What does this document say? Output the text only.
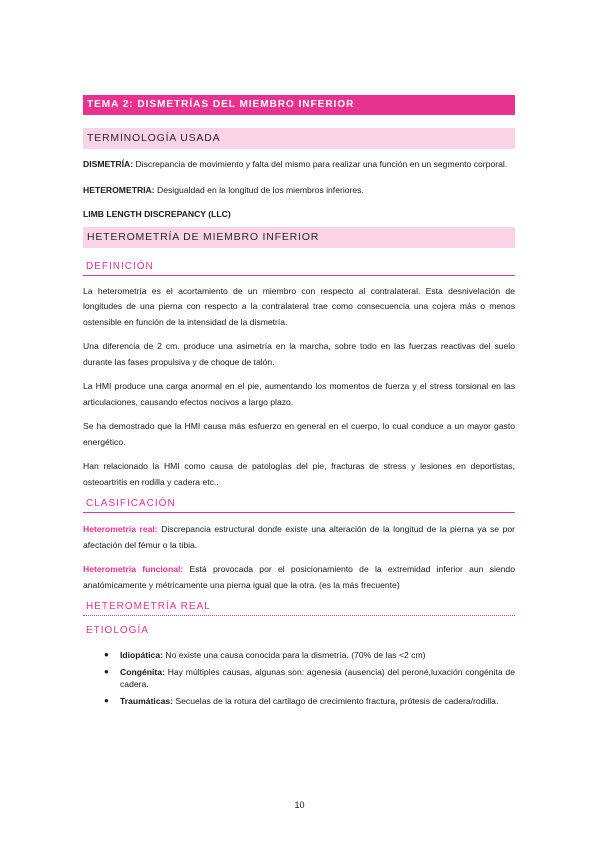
TEMA 2: DISMETRÍAS DEL MIEMBRO INFERIOR
TERMINOLOGÍA USADA

DISMETRÍA: Discrepancia de movimiento y falta del mismo para realizar una función en un segmento corporal.

HETEROMETRIA: Desigualdad en la longitud de los miembros inferiores.

LIMB LENGTH DISCREPANCY (LLC)

HETEROMETRÍA DE MIEMBRO INFERIOR
DEFINICIÓN

La heterometría es el acortamiento de un miembro con respecto al contralateral. Esta desnivelación de longitudes de una pierna con respecto a la contralateral trae como consecuencia una cojera más o menos ostensible en función de la intensidad de la dismetría.

Una diferencia de 2 cm. produce una asimetría en la marcha, sobre todo en las fuerzas reactivas del suelo durante las fases propulsiva y de choque de talón.

La HMI produce una carga anormal en el pie, aumentando los momentos de fuerza y el stress torsional en las articulaciones, causando efectos nocivos a largo plazo.

Se ha demostrado que la HMI causa más esfuerzo en general en el cuerpo, lo cual conduce a un mayor gasto energético.

Han relacionado la HMI como causa de patologías del pie, fracturas de stress y lesiones en deportistas, osteoartritis en rodilla y cadera etc..

CLASIFICACIÓN

Heterometría real: Discrepancia estructural donde existe una alteración de la longitud de la pierna ya se por afectación del fémur o la tibia.

Heterometría funcional: Está provocada por el posicionamiento de la extremidad inferior aun siendo anatómicamente y métricamente una pierna igual que la otra. (es la más frecuente)

HETEROMETRÍA REAL
ETIOLOGÍA
● Idiopática: No existe una causa conocida para la dismetría. (70% de las <2 cm)
● Congénita: Hay múltiples causas, algunas son: agenesia (ausencia) del peroné,luxación congénita de cadera.
● Traumáticas: Secuelas de la rotura del cartilago de crecimiento fractura, prótesis de cadera/rodilla.
10
